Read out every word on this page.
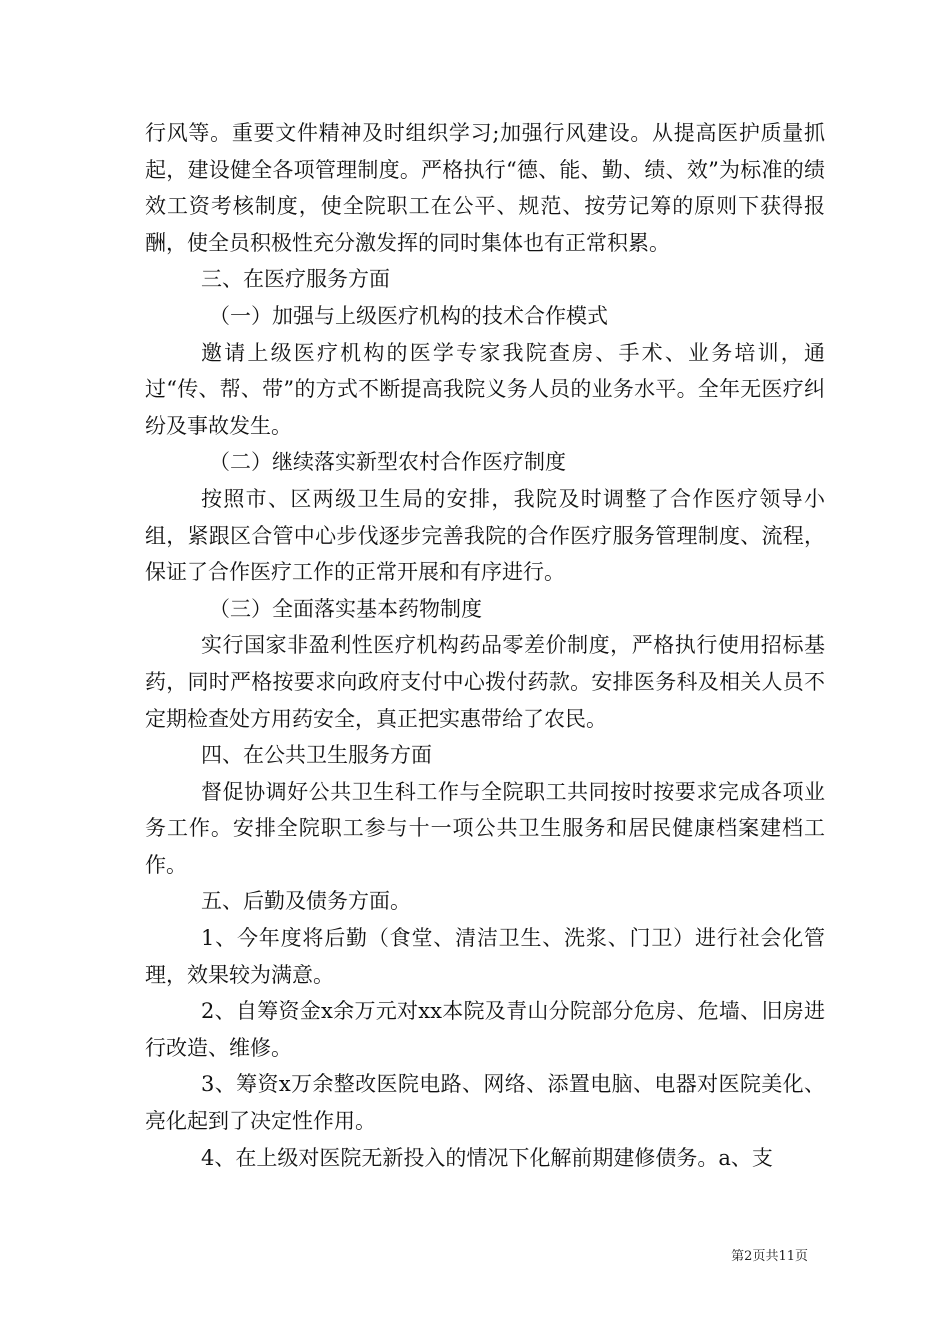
行风等。重要文件精神及时组织学习;加强行风建设。从提高医护质量抓起，建设健全各项管理制度。严格执行“德、能、勤、绩、效”为标准的绩效工资考核制度，使全院职工在公平、规范、按劳记筹的原则下获得报酬，使全员积极性充分激发挥的同时集体也有正常积累。

三、在医疗服务方面

（一）加强与上级医疗机构的技术合作模式

邀请上级医疗机构的医学专家我院查房、手术、业务培训，通过“传、帮、带”的方式不断提高我院义务人员的业务水平。全年无医疗纠纷及事故发生。

（二）继续落实新型农村合作医疗制度

按照市、区两级卫生局的安排，我院及时调整了合作医疗领导小组，紧跟区合管中心步伐逐步完善我院的合作医疗服务管理制度、流程，保证了合作医疗工作的正常开展和有序进行。

（三）全面落实基本药物制度

实行国家非盈利性医疗机构药品零差价制度，严格执行使用招标基药，同时严格按要求向政府支付中心拨付药款。安排医务科及相关人员不定期检查处方用药安全，真正把实惠带给了农民。

四、在公共卫生服务方面

督促协调好公共卫生科工作与全院职工共同按时按要求完成各项业务工作。安排全院职工参与十一项公共卫生服务和居民健康档案建档工作。

五、后勤及债务方面。

1、今年度将后勤（食堂、清洁卫生、洗浆、门卫）进行社会化管理，效果较为满意。

2、自筹资金x余万元对xx本院及青山分院部分危房、危墙、旧房进行改造、维修。

3、筹资x万余整改医院电路、网络、添置电脑、电器对医院美化、亮化起到了决定性作用。

4、在上级对医院无新投入的情况下化解前期建修债务。a、支

第2页共11页
